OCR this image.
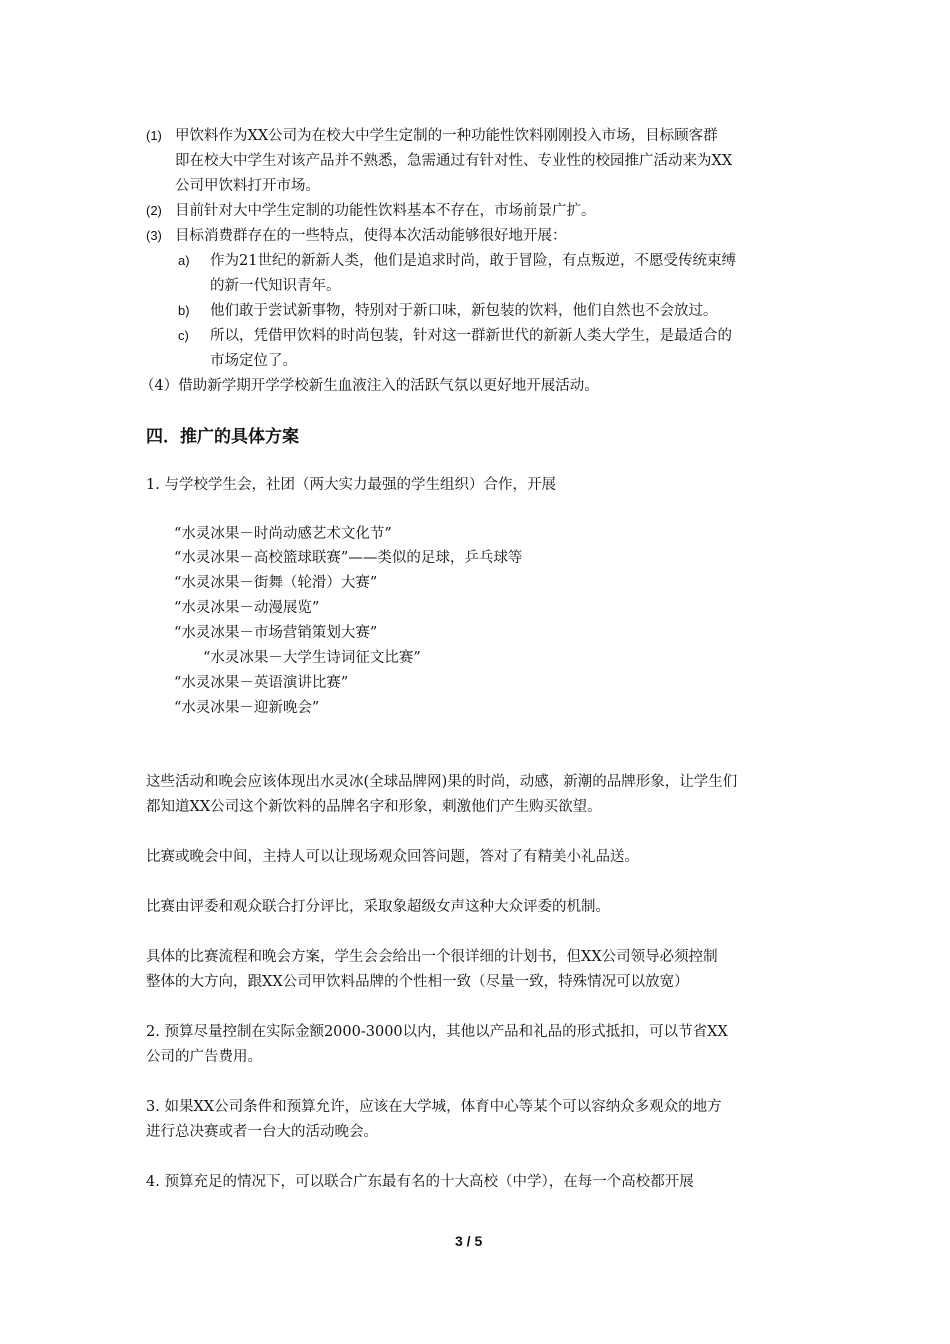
(1) 甲饮料作为XX公司为在校大中学生定制的一种功能性饮料刚刚投入市场，目标顾客群
即在校大中学生对该产品并不熟悉，急需通过有针对性、专业性的校园推广活动来为XX
公司甲饮料打开市场。
(2) 目前针对大中学生定制的功能性饮料基本不存在，市场前景广扩。
(3) 目标消费群存在的一些特点，使得本次活动能够很好地开展：
a) 作为21世纪的新新人类，他们是追求时尚，敢于冒险，有点叛逆，不愿受传统束缚
的新一代知识青年。
b) 他们敢于尝试新事物，特别对于新口味，新包装的饮料，他们自然也不会放过。
c) 所以，凭借甲饮料的时尚包装，针对这一群新世代的新新人类大学生，是最适合的
市场定位了。
（4）借助新学期开学学校新生血液注入的活跃气氛以更好地开展活动。
四．推广的具体方案
1. 与学校学生会，社团（两大实力最强的学生组织）合作，开展
“水灵冰果－时尚动感艺术文化节”
“水灵冰果－高校篮球联赛”——类似的足球，乒乓球等
“水灵冰果－街舞（轮滑）大赛”
“水灵冰果－动漫展览”
“水灵冰果－市场营销策划大赛”
“水灵冰果－大学生诗词征文比赛”
“水灵冰果－英语演讲比赛”
“水灵冰果－迎新晚会”
这些活动和晚会应该体现出水灵冰(全球品牌网)果的时尚，动感，新潮的品牌形象，让学生们
都知道XX公司这个新饮料的品牌名字和形象，刺激他们产生购买欲望。
比赛或晚会中间，主持人可以让现场观众回答问题，答对了有精美小礼品送。
比赛由评委和观众联合打分评比，采取象超级女声这种大众评委的机制。
具体的比赛流程和晚会方案，学生会会给出一个很详细的计划书，但XX公司领导必须控制
整体的大方向，跟XX公司甲饮料品牌的个性相一致（尽量一致，特殊情况可以放宽）
2. 预算尽量控制在实际金额2000-3000以内，其他以产品和礼品的形式抵扣，可以节省XX
公司的广告费用。
3. 如果XX公司条件和预算允许，应该在大学城，体育中心等某个可以容纳众多观众的地方
进行总决赛或者一台大的活动晚会。
4. 预算充足的情况下，可以联合广东最有名的十大高校（中学），在每一个高校都开展
3 / 5
